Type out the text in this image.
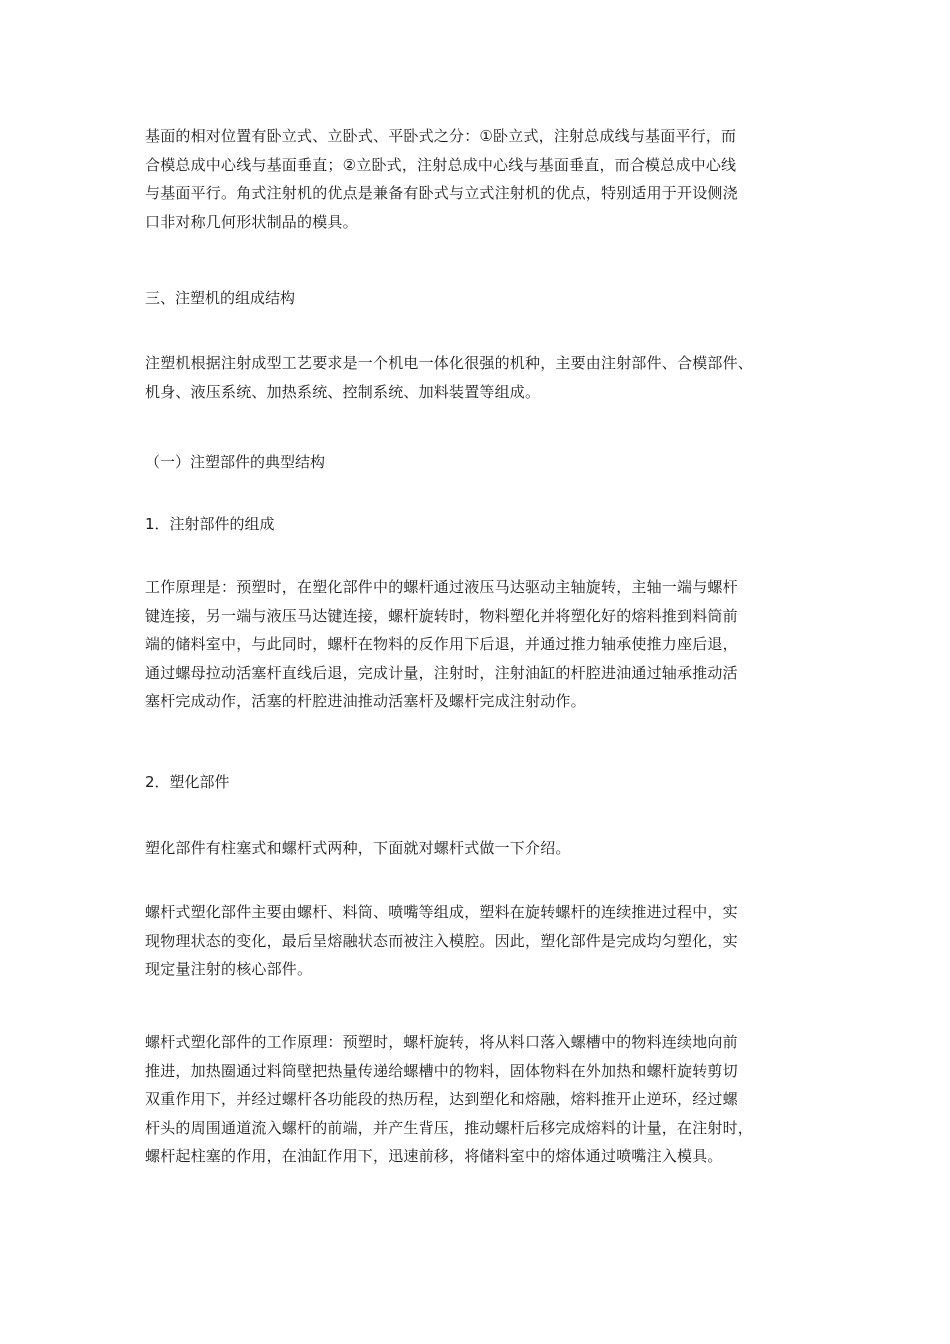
基面的相对位置有卧立式、立卧式、平卧式之分：①卧立式，注射总成线与基面平行，而
合模总成中心线与基面垂直；②立卧式，注射总成中心线与基面垂直，而合模总成中心线
与基面平行。角式注射机的优点是兼备有卧式与立式注射机的优点，特别适用于开设侧浇
口非对称几何形状制品的模具。

三、注塑机的组成结构

注塑机根据注射成型工艺要求是一个机电一体化很强的机种，主要由注射部件、合模部件、
机身、液压系统、加热系统、控制系统、加料装置等组成。

（一）注塑部件的典型结构

1．注射部件的组成

工作原理是：预塑时，在塑化部件中的螺杆通过液压马达驱动主轴旋转，主轴一端与螺杆
键连接，另一端与液压马达键连接，螺杆旋转时，物料塑化并将塑化好的熔料推到料筒前
端的储料室中，与此同时，螺杆在物料的反作用下后退，并通过推力轴承使推力座后退，
通过螺母拉动活塞杆直线后退，完成计量，注射时，注射油缸的杆腔进油通过轴承推动活
塞杆完成动作，活塞的杆腔进油推动活塞杆及螺杆完成注射动作。

2．塑化部件

塑化部件有柱塞式和螺杆式两种，下面就对螺杆式做一下介绍。

螺杆式塑化部件主要由螺杆、料筒、喷嘴等组成，塑料在旋转螺杆的连续推进过程中，实
现物理状态的变化，最后呈熔融状态而被注入模腔。因此，塑化部件是完成均匀塑化，实
现定量注射的核心部件。

螺杆式塑化部件的工作原理：预塑时，螺杆旋转，将从料口落入螺槽中的物料连续地向前
推进，加热圈通过料筒壁把热量传递给螺槽中的物料，固体物料在外加热和螺杆旋转剪切
双重作用下，并经过螺杆各功能段的热历程，达到塑化和熔融，熔料推开止逆环，经过螺
杆头的周围通道流入螺杆的前端，并产生背压，推动螺杆后移完成熔料的计量，在注射时，
螺杆起柱塞的作用，在油缸作用下，迅速前移，将储料室中的熔体通过喷嘴注入模具。
